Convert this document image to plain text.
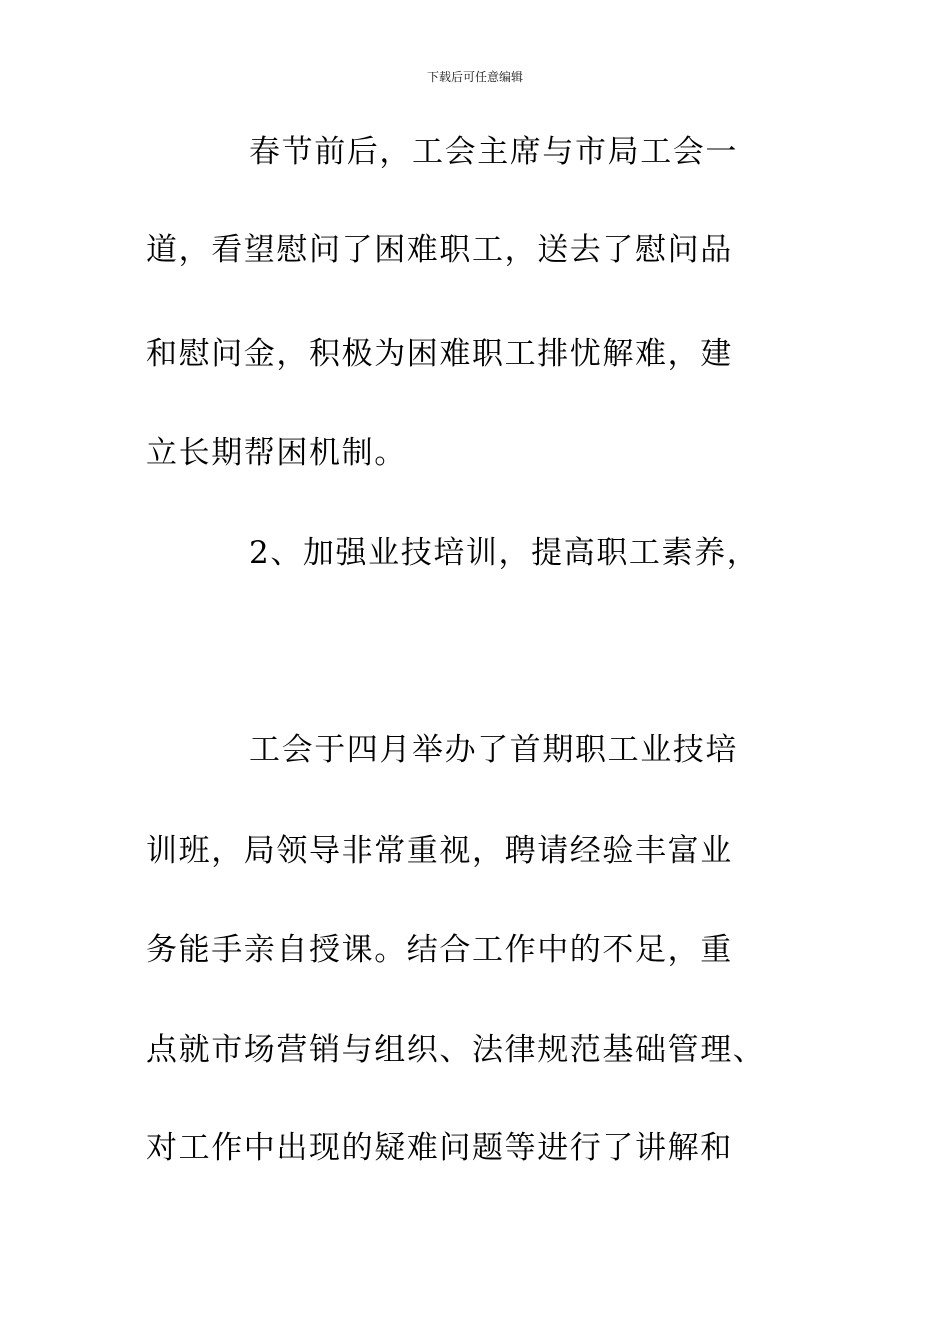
下载后可任意编辑
春节前后，工会主席与市局工会一
道，看望慰问了困难职工，送去了慰问品
和慰问金，积极为困难职工排忧解难，建
立长期帮困机制。
2、加强业技培训，提高职工素养，
工会于四月举办了首期职工业技培
训班，局领导非常重视，聘请经验丰富业
务能手亲自授课。结合工作中的不足，重
点就市场营销与组织、法律规范基础管理、
对工作中出现的疑难问题等进行了讲解和
